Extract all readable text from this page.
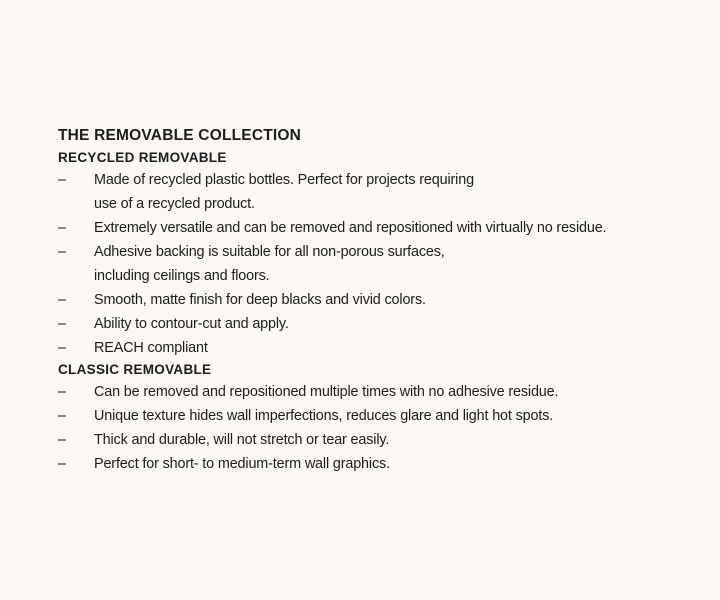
THE REMOVABLE COLLECTION
RECYCLED REMOVABLE
–	Made of recycled plastic bottles. Perfect for projects requiring
use of a recycled product.
–	Extremely versatile and can be removed and repositioned with virtually no residue.
–	Adhesive backing is suitable for all non-porous surfaces,
including ceilings and floors.
–	Smooth, matte finish for deep blacks and vivid colors.
–	Ability to contour-cut and apply.
–	REACH compliant
CLASSIC REMOVABLE
–	Can be removed and repositioned multiple times with no adhesive residue.
–	Unique texture hides wall imperfections, reduces glare and light hot spots.
–	Thick and durable, will not stretch or tear easily.
–	Perfect for short- to medium-term wall graphics.
